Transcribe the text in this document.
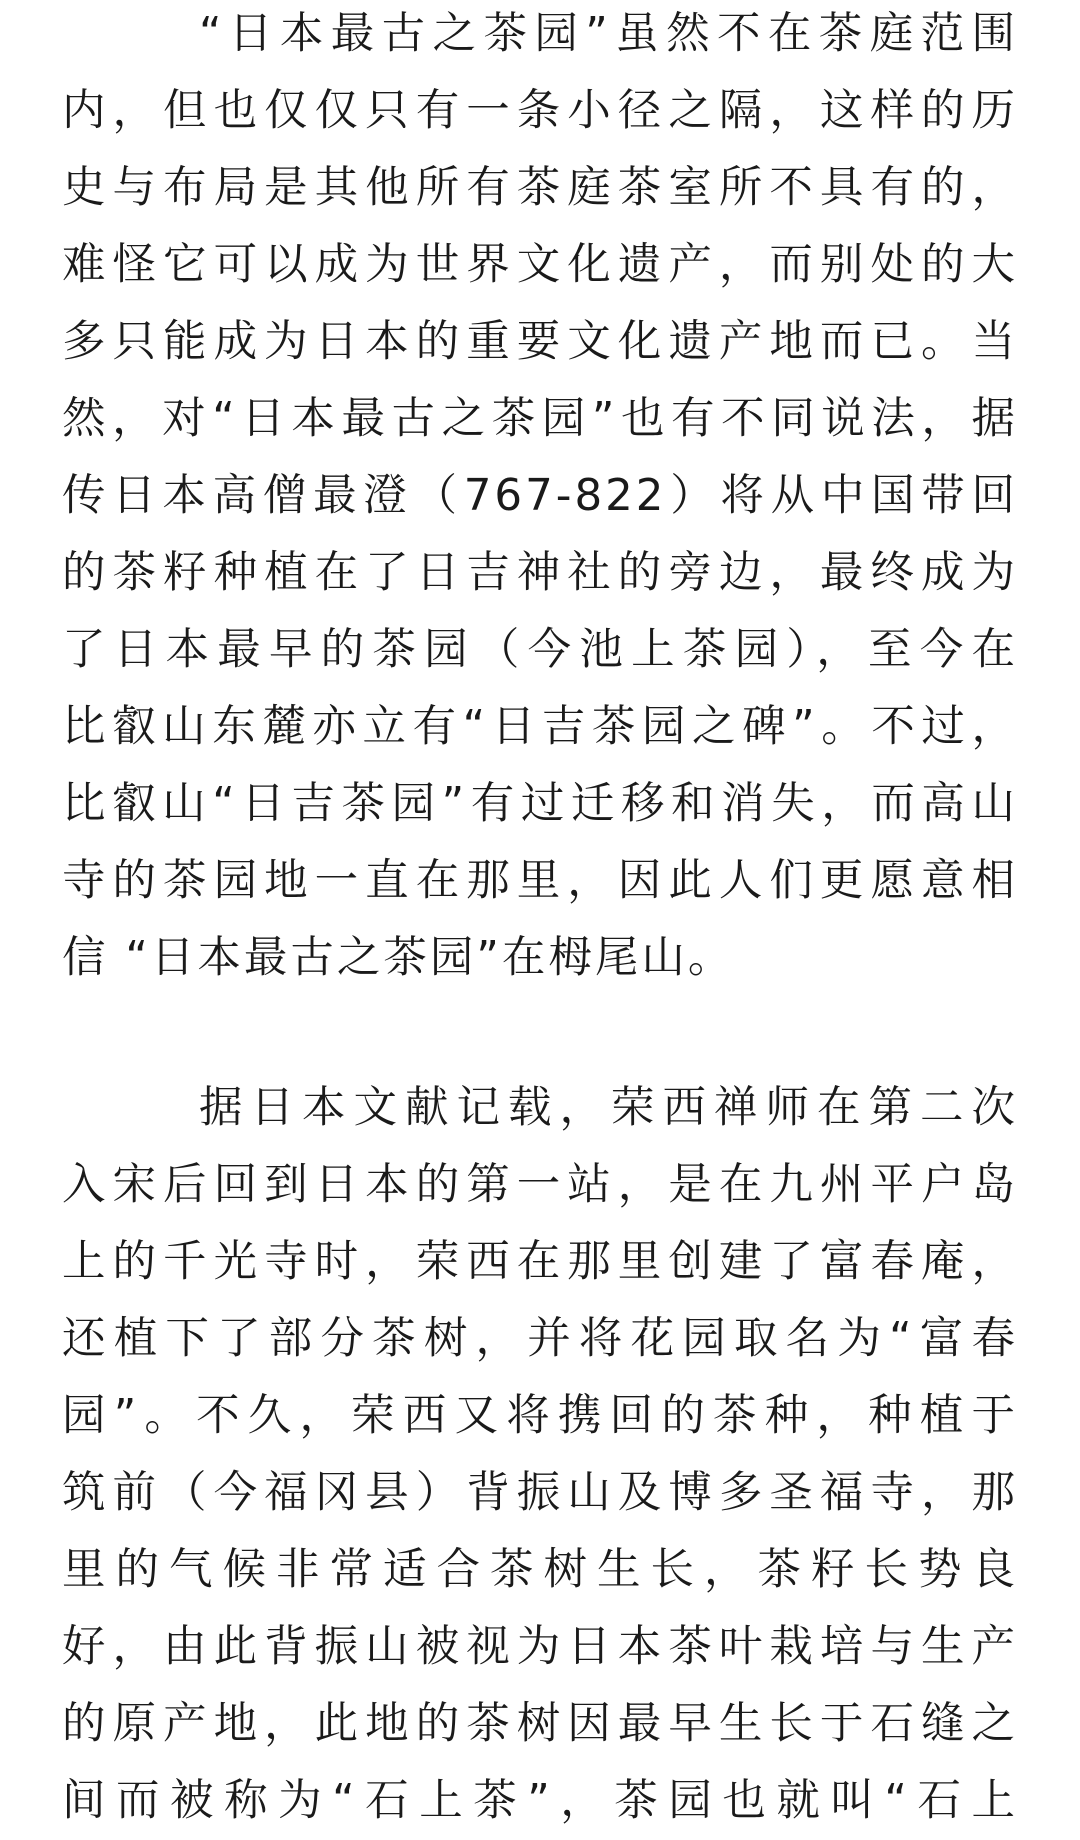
“日本最古之茶园”虽然不在茶庭范围
内，但也仅仅只有一条小径之隔，这样的历
史与布局是其他所有茶庭茶室所不具有的，
难怪它可以成为世界文化遗产，而别处的大
多只能成为日本的重要文化遗产地而已。当
然，对“日本最古之茶园”也有不同说法，据
传日本高僧最澄（767-822）将从中国带回
的茶籽种植在了日吉神社的旁边，最终成为
了日本最早的茶园（今池上茶园），至今在
比叡山东麓亦立有“日吉茶园之碑”。不过，
比叡山“日吉茶园”有过迁移和消失，而高山
寺的茶园地一直在那里，因此人们更愿意相
信 “日本最古之茶园”在栂尾山。
据日本文献记载，荣西禅师在第二次
入宋后回到日本的第一站，是在九州平户岛
上的千光寺时，荣西在那里创建了富春庵，
还植下了部分茶树，并将花园取名为“富春
园”。不久，荣西又将携回的茶种，种植于
筑前（今福冈县）背振山及博多圣福寺，那
里的气候非常适合茶树生长，茶籽长势良
好，由此背振山被视为日本茶叶栽培与生产
的原产地，此地的茶树因最早生长于石缝之
间而被称为“石上茶”，茶园也就叫“石上
